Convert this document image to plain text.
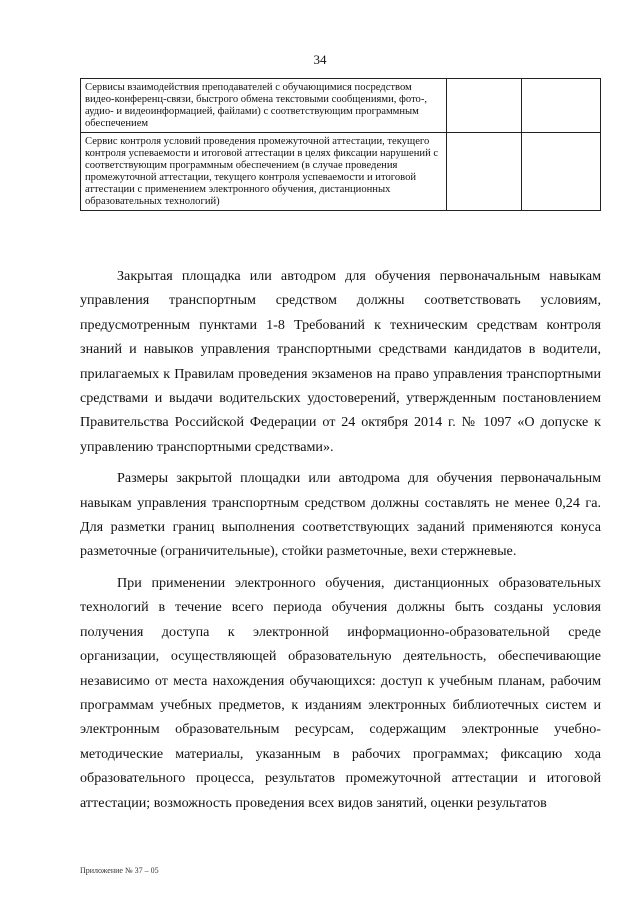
34
Сервисы взаимодействия преподавателей с обучающимися посредством видео-конференц-связи, быстрого обмена текстовыми сообщениями, фото-, аудио- и видеоинформацией, файлами) с соответствующим программным обеспечением		
Сервис контроля условий проведения промежуточной аттестации, текущего контроля успеваемости и итоговой аттестации в целях фиксации нарушений с соответствующим программным обеспечением (в случае проведения промежуточной аттестации, текущего контроля успеваемости и итоговой аттестации с применением электронного обучения, дистанционных образовательных технологий)		

Закрытая площадка или автодром для обучения первоначальным навыкам управления транспортным средством должны соответствовать условиям, предусмотренным пунктами 1-8 Требований к техническим средствам контроля знаний и навыков управления транспортными средствами кандидатов в водители, прилагаемых к Правилам проведения экзаменов на право управления транспортными средствами и выдачи водительских удостоверений, утвержденным постановлением Правительства Российской Федерации от 24 октября 2014 г. № 1097 «О допуске к управлению транспортными средствами».

Размеры закрытой площадки или автодрома для обучения первоначальным навыкам управления транспортным средством должны составлять не менее 0,24 га. Для разметки границ выполнения соответствующих заданий применяются конуса разметочные (ограничительные), стойки разметочные, вехи стержневые.

При применении электронного обучения, дистанционных образовательных технологий в течение всего периода обучения должны быть созданы условия получения доступа к электронной информационно-образовательной среде организации, осуществляющей образовательную деятельность, обеспечивающие независимо от места нахождения обучающихся: доступ к учебным планам, рабочим программам учебных предметов, к изданиям электронных библиотечных систем и электронным образовательным ресурсам, содержащим электронные учебно-методические материалы, указанным в рабочих программах; фиксацию хода образовательного процесса, результатов промежуточной аттестации и итоговой аттестации; возможность проведения всех видов занятий, оценки результатов

Приложение № 37 – 05
